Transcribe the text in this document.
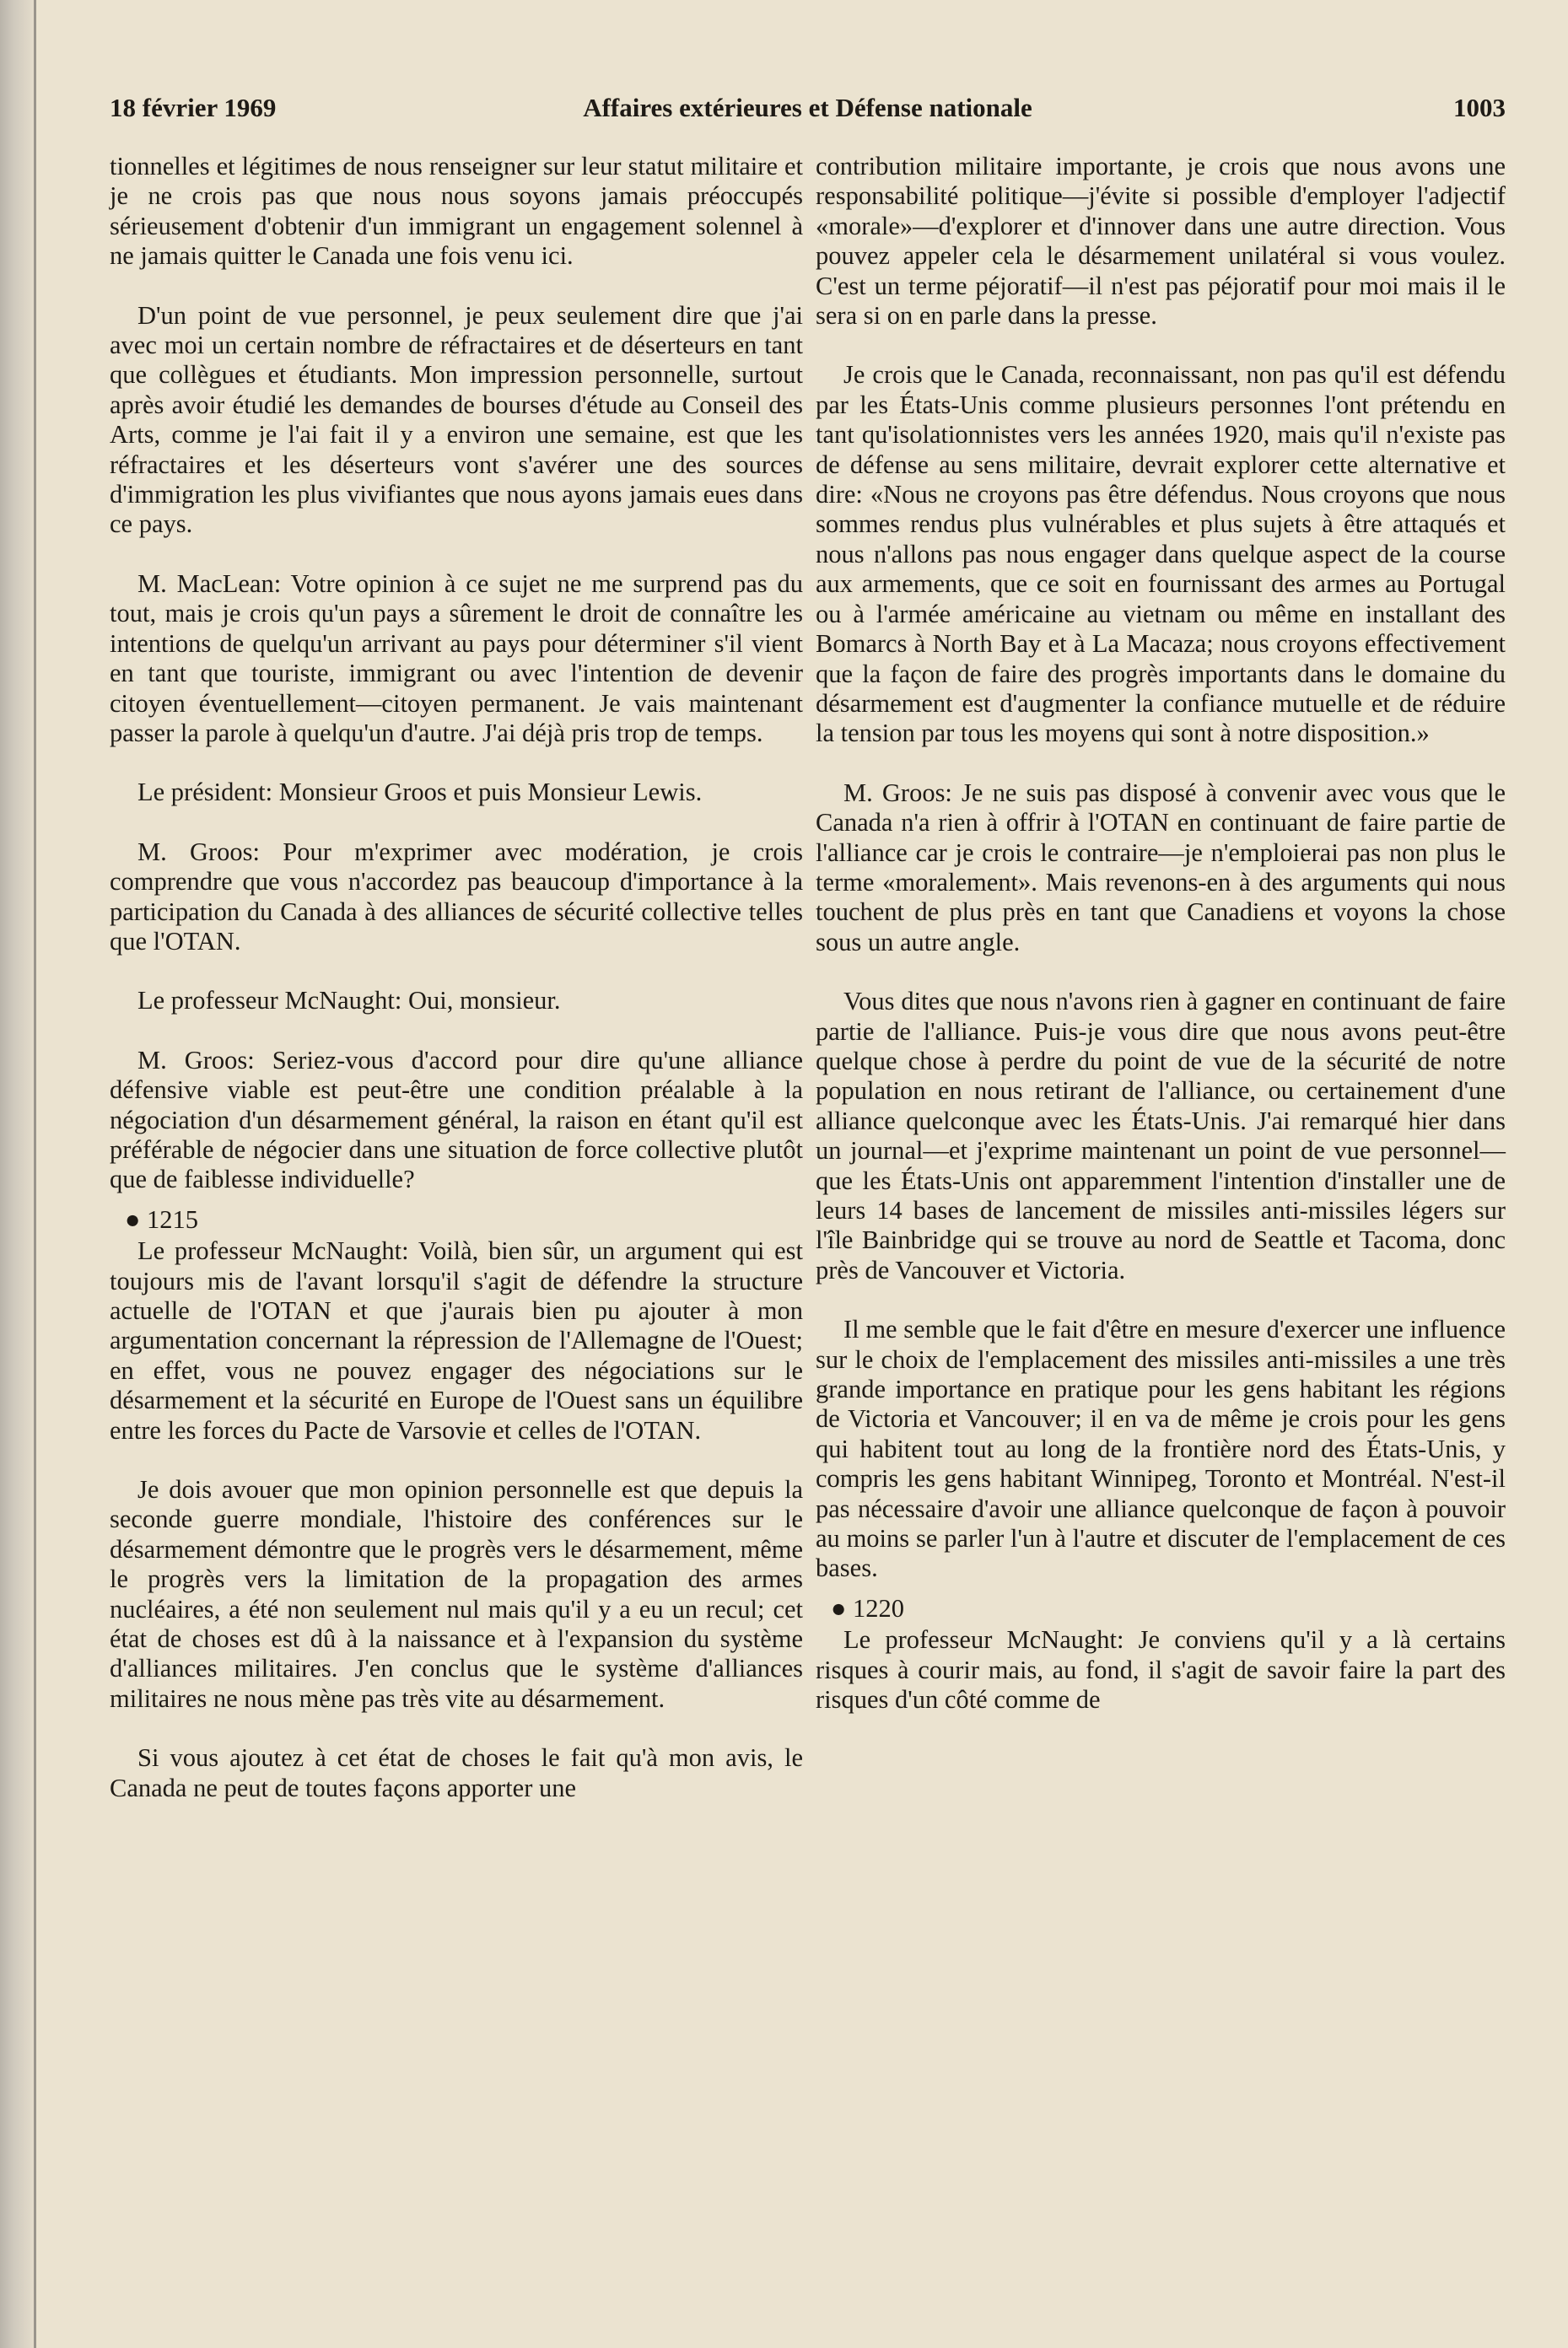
18 février 1969	Affaires extérieures et Défense nationale	1003

tionnelles et légitimes de nous renseigner sur leur statut militaire et je ne crois pas que nous nous soyons jamais préoccupés sérieusement d'obtenir d'un immigrant un engagement solennel à ne jamais quitter le Canada une fois venu ici.

D'un point de vue personnel, je peux seulement dire que j'ai avec moi un certain nombre de réfractaires et de déserteurs en tant que collègues et étudiants. Mon impression personnelle, surtout après avoir étudié les demandes de bourses d'étude au Conseil des Arts, comme je l'ai fait il y a environ une semaine, est que les réfractaires et les déserteurs vont s'avérer une des sources d'immigration les plus vivifiantes que nous ayons jamais eues dans ce pays.

M. MacLean: Votre opinion à ce sujet ne me surprend pas du tout, mais je crois qu'un pays a sûrement le droit de connaître les intentions de quelqu'un arrivant au pays pour déterminer s'il vient en tant que touriste, immigrant ou avec l'intention de devenir citoyen éventuellement—citoyen permanent. Je vais maintenant passer la parole à quelqu'un d'autre. J'ai déjà pris trop de temps.

Le président: Monsieur Groos et puis Monsieur Lewis.

M. Groos: Pour m'exprimer avec modération, je crois comprendre que vous n'accordez pas beaucoup d'importance à la participation du Canada à des alliances de sécurité collective telles que l'OTAN.

Le professeur McNaught: Oui, monsieur.

M. Groos: Seriez-vous d'accord pour dire qu'une alliance défensive viable est peut-être une condition préalable à la négociation d'un désarmement général, la raison en étant qu'il est préférable de négocier dans une situation de force collective plutôt que de faiblesse individuelle?

● 1215

Le professeur McNaught: Voilà, bien sûr, un argument qui est toujours mis de l'avant lorsqu'il s'agit de défendre la structure actuelle de l'OTAN et que j'aurais bien pu ajouter à mon argumentation concernant la répression de l'Allemagne de l'Ouest; en effet, vous ne pouvez engager des négociations sur le désarmement et la sécurité en Europe de l'Ouest sans un équilibre entre les forces du Pacte de Varsovie et celles de l'OTAN.

Je dois avouer que mon opinion personnelle est que depuis la seconde guerre mondiale, l'histoire des conférences sur le désarmement démontre que le progrès vers le désarmement, même le progrès vers la limitation de la propagation des armes nucléaires, a été non seulement nul mais qu'il y a eu un recul; cet état de choses est dû à la naissance et à l'expansion du système d'alliances militaires. J'en conclus que le système d'alliances militaires ne nous mène pas très vite au désarmement.

Si vous ajoutez à cet état de choses le fait qu'à mon avis, le Canada ne peut de toutes façons apporter une

contribution militaire importante, je crois que nous avons une responsabilité politique—j'évite si possible d'employer l'adjectif «morale»—d'explorer et d'innover dans une autre direction. Vous pouvez appeler cela le désarmement unilatéral si vous voulez. C'est un terme péjoratif—il n'est pas péjoratif pour moi mais il le sera si on en parle dans la presse.

Je crois que le Canada, reconnaissant, non pas qu'il est défendu par les États-Unis comme plusieurs personnes l'ont prétendu en tant qu'isolationnistes vers les années 1920, mais qu'il n'existe pas de défense au sens militaire, devrait explorer cette alternative et dire: «Nous ne croyons pas être défendus. Nous croyons que nous sommes rendus plus vulnérables et plus sujets à être attaqués et nous n'allons pas nous engager dans quelque aspect de la course aux armements, que ce soit en fournissant des armes au Portugal ou à l'armée américaine au vietnam ou même en installant des Bomarcs à North Bay et à La Macaza; nous croyons effectivement que la façon de faire des progrès importants dans le domaine du désarmement est d'augmenter la confiance mutuelle et de réduire la tension par tous les moyens qui sont à notre disposition.»

M. Groos: Je ne suis pas disposé à convenir avec vous que le Canada n'a rien à offrir à l'OTAN en continuant de faire partie de l'alliance car je crois le contraire—je n'emploierai pas non plus le terme «moralement». Mais revenons-en à des arguments qui nous touchent de plus près en tant que Canadiens et voyons la chose sous un autre angle.

Vous dites que nous n'avons rien à gagner en continuant de faire partie de l'alliance. Puis-je vous dire que nous avons peut-être quelque chose à perdre du point de vue de la sécurité de notre population en nous retirant de l'alliance, ou certainement d'une alliance quelconque avec les États-Unis. J'ai remarqué hier dans un journal—et j'exprime maintenant un point de vue personnel—que les États-Unis ont apparemment l'intention d'installer une de leurs 14 bases de lancement de missiles anti-missiles légers sur l'île Bainbridge qui se trouve au nord de Seattle et Tacoma, donc près de Vancouver et Victoria.

Il me semble que le fait d'être en mesure d'exercer une influence sur le choix de l'emplacement des missiles anti-missiles a une très grande importance en pratique pour les gens habitant les régions de Victoria et Vancouver; il en va de même je crois pour les gens qui habitent tout au long de la frontière nord des États-Unis, y compris les gens habitant Winnipeg, Toronto et Montréal. N'est-il pas nécessaire d'avoir une alliance quelconque de façon à pouvoir au moins se parler l'un à l'autre et discuter de l'emplacement de ces bases.

● 1220

Le professeur McNaught: Je conviens qu'il y a là certains risques à courir mais, au fond, il s'agit de savoir faire la part des risques d'un côté comme de
